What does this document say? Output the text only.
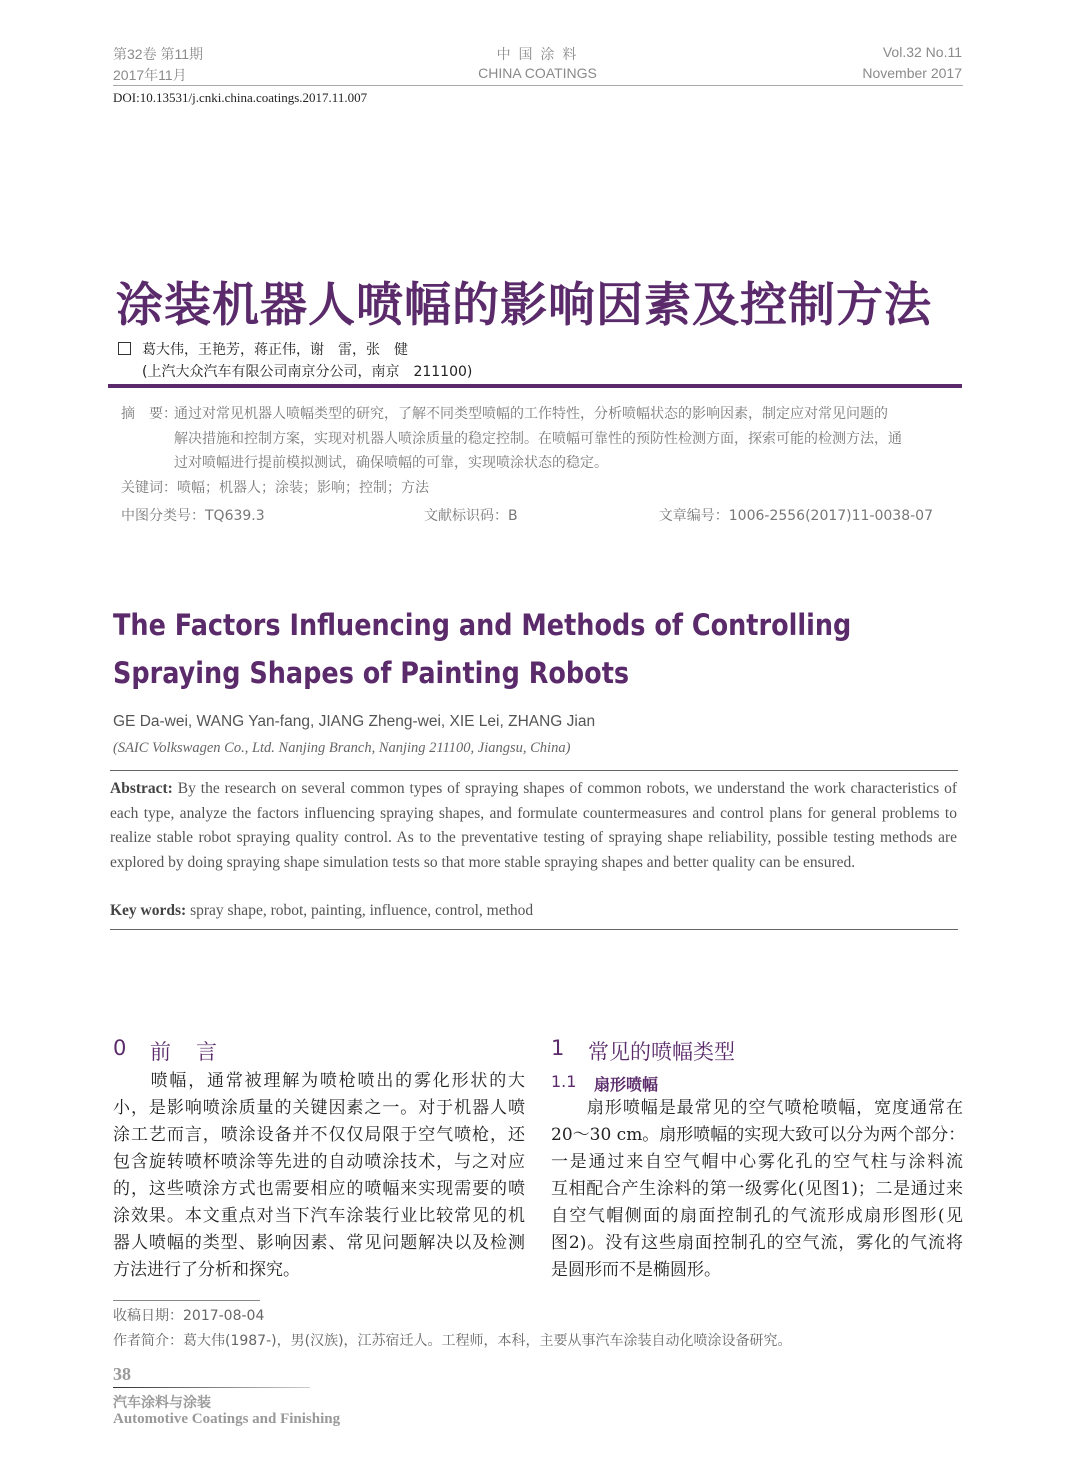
第32卷 第11期
2017年11月
中 国 涂 料
CHINA COATINGS
Vol.32 No.11
November 2017
DOI:10.13531/j.cnki.china.coatings.2017.11.007
涂装机器人喷幅的影响因素及控制方法
葛大伟，王艳芳，蒋正伟，谢　雷，张　健
(上汽大众汽车有限公司南京分公司，南京　211100)
摘　要：
通过对常见机器人喷幅类型的研究，了解不同类型喷幅的工作特性，分析喷幅状态的影响因素，制定应对常见问题的
解决措施和控制方案，实现对机器人喷涂质量的稳定控制。在喷幅可靠性的预防性检测方面，探索可能的检测方法，通
过对喷幅进行提前模拟测试，确保喷幅的可靠，实现喷涂状态的稳定。
关键词：喷幅；机器人；涂装；影响；控制；方法
中图分类号：TQ639.3	文献标识码：B	文章编号：1006-2556(2017)11-0038-07
The Factors Influencing and Methods of Controlling
Spraying Shapes of Painting Robots
GE Da-wei, WANG Yan-fang, JIANG Zheng-wei, XIE Lei, ZHANG Jian
(SAIC Volkswagen Co., Ltd. Nanjing Branch, Nanjing 211100, Jiangsu, China)
Abstract: By the research on several common types of spraying shapes of common robots, we understand the work characteristics of each type, analyze the factors influencing spraying shapes, and formulate countermeasures and control plans for general problems to realize stable robot spraying quality control. As to the preventative testing of spraying shape reliability, possible testing methods are explored by doing spraying shape simulation tests so that more stable spraying shapes and better quality can be ensured.
Key words: spray shape, robot, painting, influence, control, method
0 前　言
　　喷幅，通常被理解为喷枪喷出的雾化形状的大
小，是影响喷涂质量的关键因素之一。对于机器人喷
涂工艺而言，喷涂设备并不仅仅局限于空气喷枪，还
包含旋转喷杯喷涂等先进的自动喷涂技术，与之对应
的，这些喷涂方式也需要相应的喷幅来实现需要的喷
涂效果。本文重点对当下汽车涂装行业比较常见的机
器人喷幅的类型、影响因素、常见问题解决以及检测
方法进行了分析和探究。
1 常见的喷幅类型
1.1 扇形喷幅
　　扇形喷幅是最常见的空气喷枪喷幅，宽度通常在
20～30 cm。扇形喷幅的实现大致可以分为两个部分：
一是通过来自空气帽中心雾化孔的空气柱与涂料流
互相配合产生涂料的第一级雾化(见图1)；二是通过来
自空气帽侧面的扇面控制孔的气流形成扇形图形(见
图2)。没有这些扇面控制孔的空气流，雾化的气流将
是圆形而不是椭圆形。
收稿日期：2017-08-04
作者简介：葛大伟(1987-)，男(汉族)，江苏宿迁人。工程师，本科，主要从事汽车涂装自动化喷涂设备研究。
38
汽车涂料与涂装
Automotive Coatings and Finishing
